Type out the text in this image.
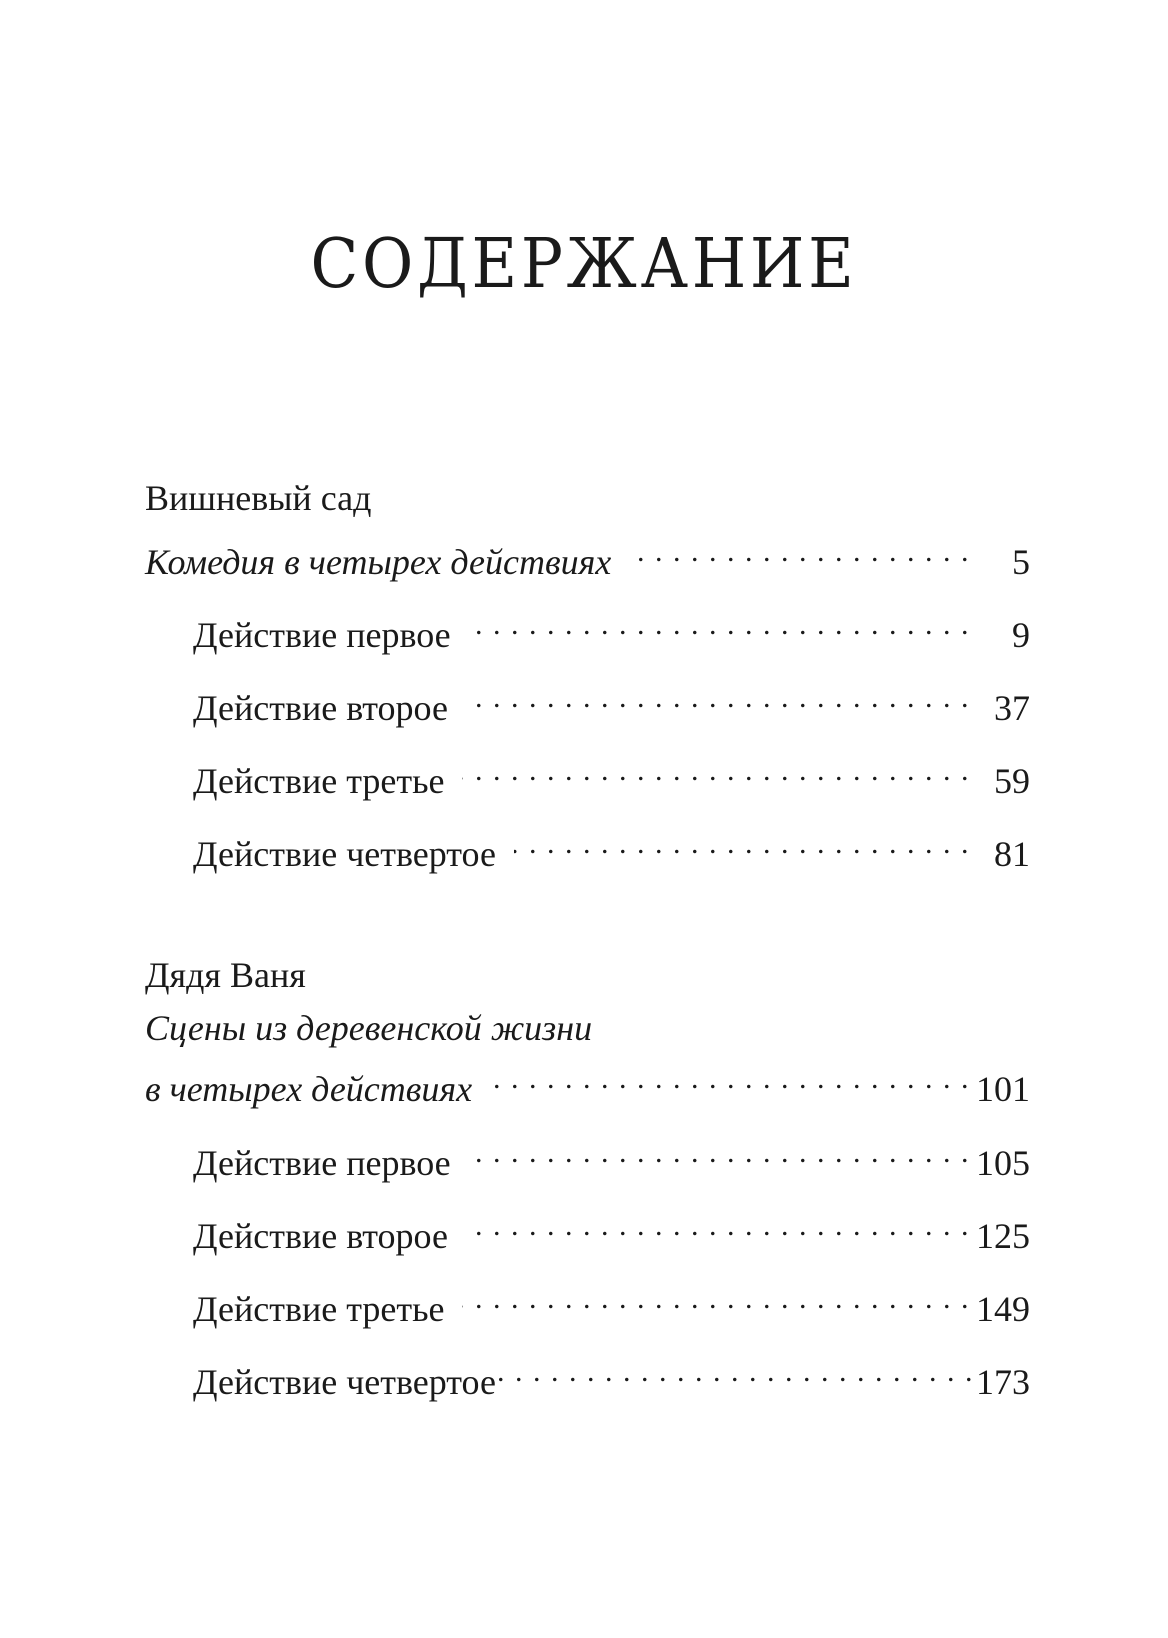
СОДЕРЖАНИЕ
Вишневый сад
Комедия в четырех действиях . . .	5
Действие первое . . .	9
Действие второе . . .	37
Действие третье . . .	59
Действие четвертое . . .	81
Дядя Ваня
Сцены из деревенской жизни
в четырех действиях . . .	101
Действие первое . . .	105
Действие второе . . .	125
Действие третье . . .	149
Действие четвертое . . .	173
